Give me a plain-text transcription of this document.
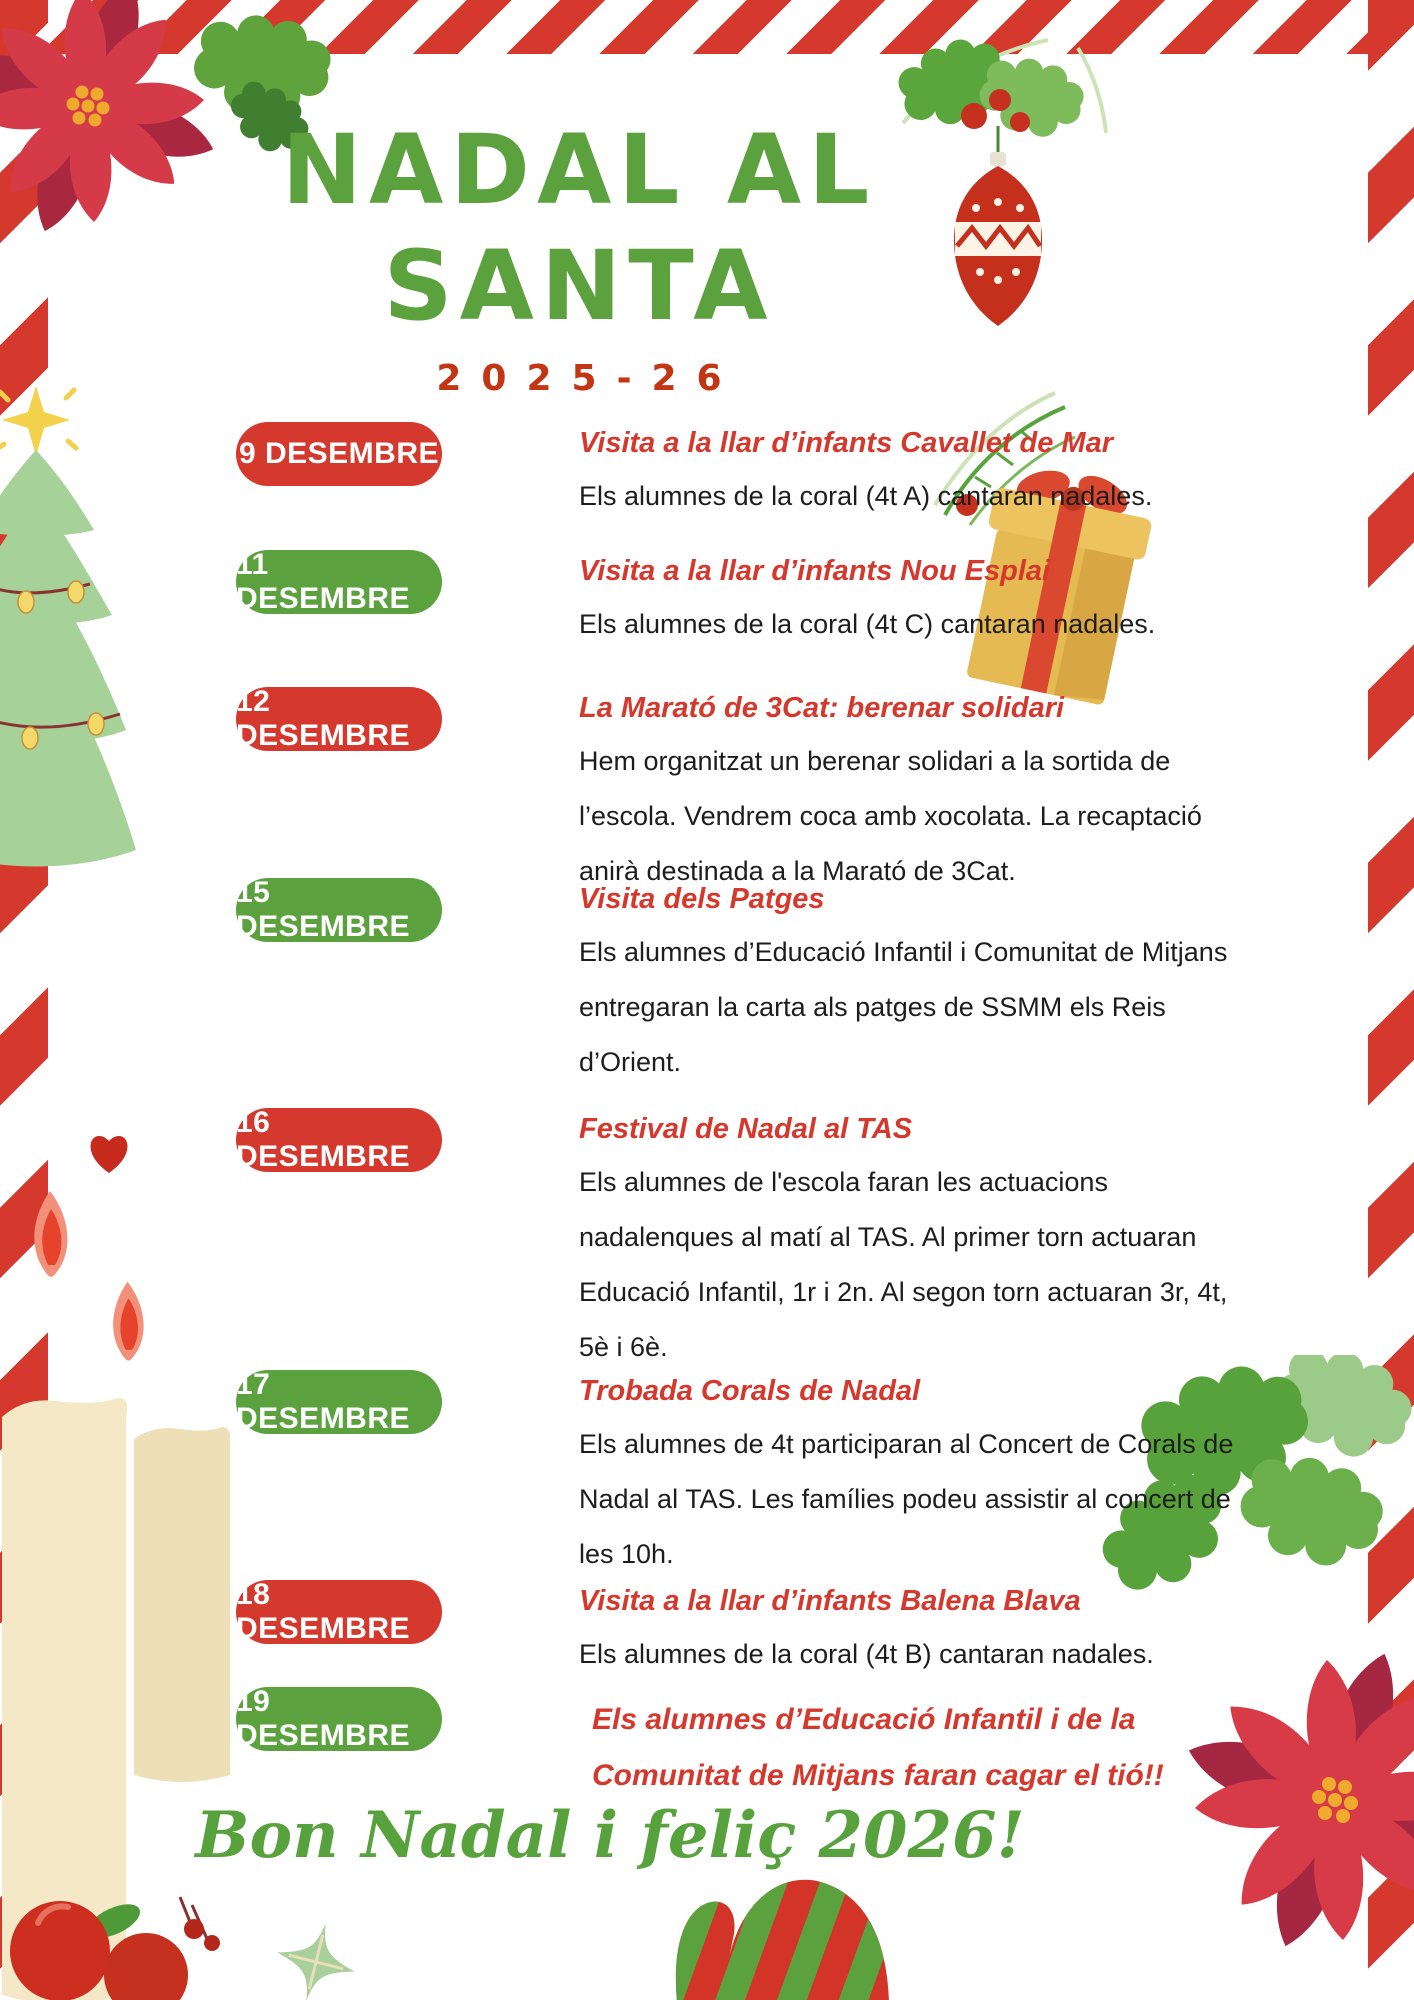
NADAL AL
SANTA
2025-26
9 DESEMBRE	Visita a la llar d’infants Cavallet de Mar

Els alumnes de la coral (4t A) cantaran nadales.

11 DESEMBRE
Visita a la llar d’infants Nou Esplai

Els alumnes de la coral (4t C) cantaran nadales.

12 DESEMBRE
La Marató de 3Cat: berenar solidari

Hem organitzat un berenar solidari a la sortida de l’escola. Vendrem coca amb xocolata. La recaptació anirà destinada a la Marató de 3Cat.

15 DESEMBRE
Visita dels Patges

Els alumnes d’Educació Infantil i Comunitat de Mitjans entregaran la carta als patges de SSMM els Reis d’Orient.

16 DESEMBRE
Festival de Nadal al TAS

Els alumnes de l'escola faran les actuacions nadalenques al matí al TAS. Al primer torn actuaran Educació Infantil, 1r i 2n. Al segon torn actuaran 3r, 4t, 5è i 6è.

17 DESEMBRE
Trobada Corals de Nadal

Els alumnes de 4t participaran al Concert de Corals de Nadal al TAS. Les famílies podeu assistir al concert de les 10h.

18 DESEMBRE
Visita a la llar d’infants Balena Blava

Els alumnes de la coral (4t B) cantaran nadales.

19 DESEMBRE	Els alumnes d’Educació Infantil i de la Comunitat de Mitjans faran cagar el tió!!
Bon Nadal i feliç 2026!
